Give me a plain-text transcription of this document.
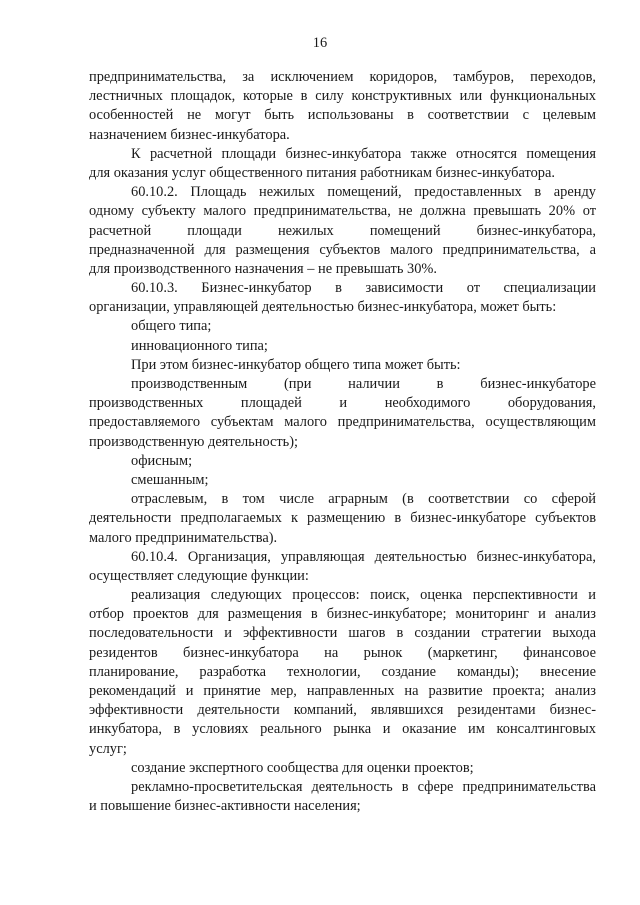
16
предпринимательства, за исключением коридоров, тамбуров, переходов,
лестничных площадок, которые в силу конструктивных или функциональных
особенностей не могут быть использованы в соответствии с целевым
назначением бизнес-инкубатора.
К расчетной площади бизнес-инкубатора также относятся помещения
для оказания услуг общественного питания работникам бизнес-инкубатора.
60.10.2. Площадь нежилых помещений, предоставленных в аренду
одному субъекту малого предпринимательства, не должна превышать 20% от
расчетной площади нежилых помещений бизнес-инкубатора,
предназначенной для размещения субъектов малого предпринимательства, а
для производственного назначения – не превышать 30%.
60.10.3. Бизнес-инкубатор в зависимости от специализации
организации, управляющей деятельностью бизнес-инкубатора, может быть:
общего типа;
инновационного типа;
При этом бизнес-инкубатор общего типа может быть:
производственным (при наличии в бизнес-инкубаторе
производственных площадей и необходимого оборудования,
предоставляемого субъектам малого предпринимательства, осуществляющим
производственную деятельность);
офисным;
смешанным;
отраслевым, в том числе аграрным (в соответствии со сферой
деятельности предполагаемых к размещению в бизнес-инкубаторе субъектов
малого предпринимательства).
60.10.4. Организация, управляющая деятельностью бизнес-инкубатора,
осуществляет следующие функции:
реализация следующих процессов: поиск, оценка перспективности и
отбор проектов для размещения в бизнес-инкубаторе; мониторинг и анализ
последовательности и эффективности шагов в создании стратегии выхода
резидентов бизнес-инкубатора на рынок (маркетинг, финансовое
планирование, разработка технологии, создание команды); внесение
рекомендаций и принятие мер, направленных на развитие проекта; анализ
эффективности деятельности компаний, являвшихся резидентами бизнес-
инкубатора, в условиях реального рынка и оказание им консалтинговых
услуг;
создание экспертного сообщества для оценки проектов;
рекламно-просветительская деятельность в сфере предпринимательства
и повышение бизнес-активности населения;
